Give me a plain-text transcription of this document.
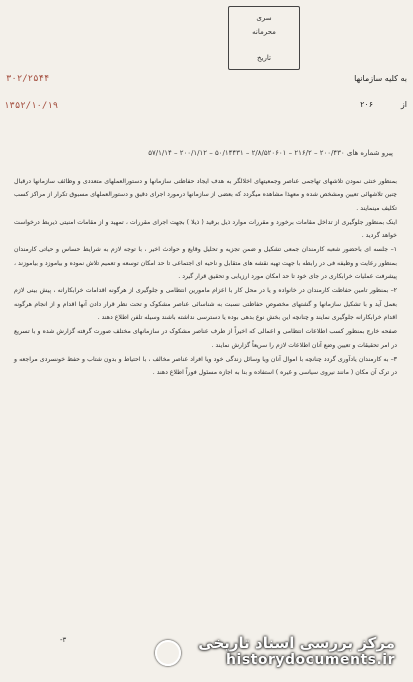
سری
محرمانه
تاریخ
۳۰۲/۲۵۴۴
۱۳۵۲/۱۰/۱۹
به کلیه سازمانها
از
۲۰۶
پیرو شماره های ۲۰۰/۴۳۰ – ۲۱۶/۲ – ۲/۸/۵۲۰۶۰۱ – ۵۰/۱۴۴۳۱ – ۲۰۰/۱/۱۲ – ۵۷/۱/۱۴

بمنظور خنثی نمودن تلاشهای تهاجمی عناصر وجمعیتهای اخلالگر به هدف ایجاد حفاظتی سازمانها و دستورالعملهای متعددی و وظائف سازمانها درقبال چنین تلاشهائی تعیین ومشخص شده و معهذا مشاهده میگردد که بعضی از سازمانها درمورد اجرای دقیق و دستورالعملهای مسبوق تکرار از مراکز کسب تکلیف مینمایند .

اینک بمنظور جلوگیری از تداخل مقامات برخورد و مقررات موارد ذیل برقید ( ذیلا ) بجهت اجرای مقررات ، تمهید و از مقامات امنیتی ذیربط درخواست خواهد گردید .

۱– جلسه ای باحضور شعبه کارمندان جمعی تشکیل و ضمن تجزیه و تحلیل وقایع و حوادث اخیر ، با توجه لازم به شرایط حساس و حیاتی کارمندان بمنظور رعایت و وظیفه فی در رابطه با جهت تهیه نقشه های متقابل و ناحیه ای اجتماعی تا حد امکان توسعه و تعمیم تلاش نموده و بیاموزد و بیاموزند ، پیشرفت عملیات خرابکاری در جای خود تا حد امکان مورد ارزیابی و تحقیق قرار گیرد .

۲– بمنظور تامین حفاظت کارمندان در خانواده و یا در محل کار با اعزام مامورین انتظامی و جلوگیری از هرگونه اقدامات خرابکارانه ، پیش بینی لازم بعمل آید و با تشکیل سازمانها و گشتهای مخصوص حفاظتی نسبت به شناسائی عناصر مشکوک و تحت نظر قرار دادن آنها اقدام و از انجام هرگونه اقدام خرابکارانه جلوگیری نمایند و چنانچه این بخش نوع بدهی بوده یا دسترسی نداشته باشند وسیله تلفن اطلاع دهند .

صفحه خارج بمنظور کسب اطلاعات انتظامی و اعمالی که اخیراً از طرف عناصر مشکوک در سازمانهای مختلف صورت گرفته گزارش شده و با تسریع در امر تحقیقات و تعیین وضع آنان اطلاعات لازم را سریعاً گزارش نمایند .

۳– به کارمندان یادآوری گردد چنانچه با اموال آنان ویا وسائل زندگی خود ویا افراد عناصر مخالف ، با احتیاط و بدون شتاب و حفظ خونسردی مراجعه و در ترک آن مکان ( مانند نیروی سیاسی و غیره ) استفاده و بنا به اجازه مسئول فوراً اطلاع دهند .

-۳	مرکز بررسی اسناد تاریخی
historydocuments.ir
